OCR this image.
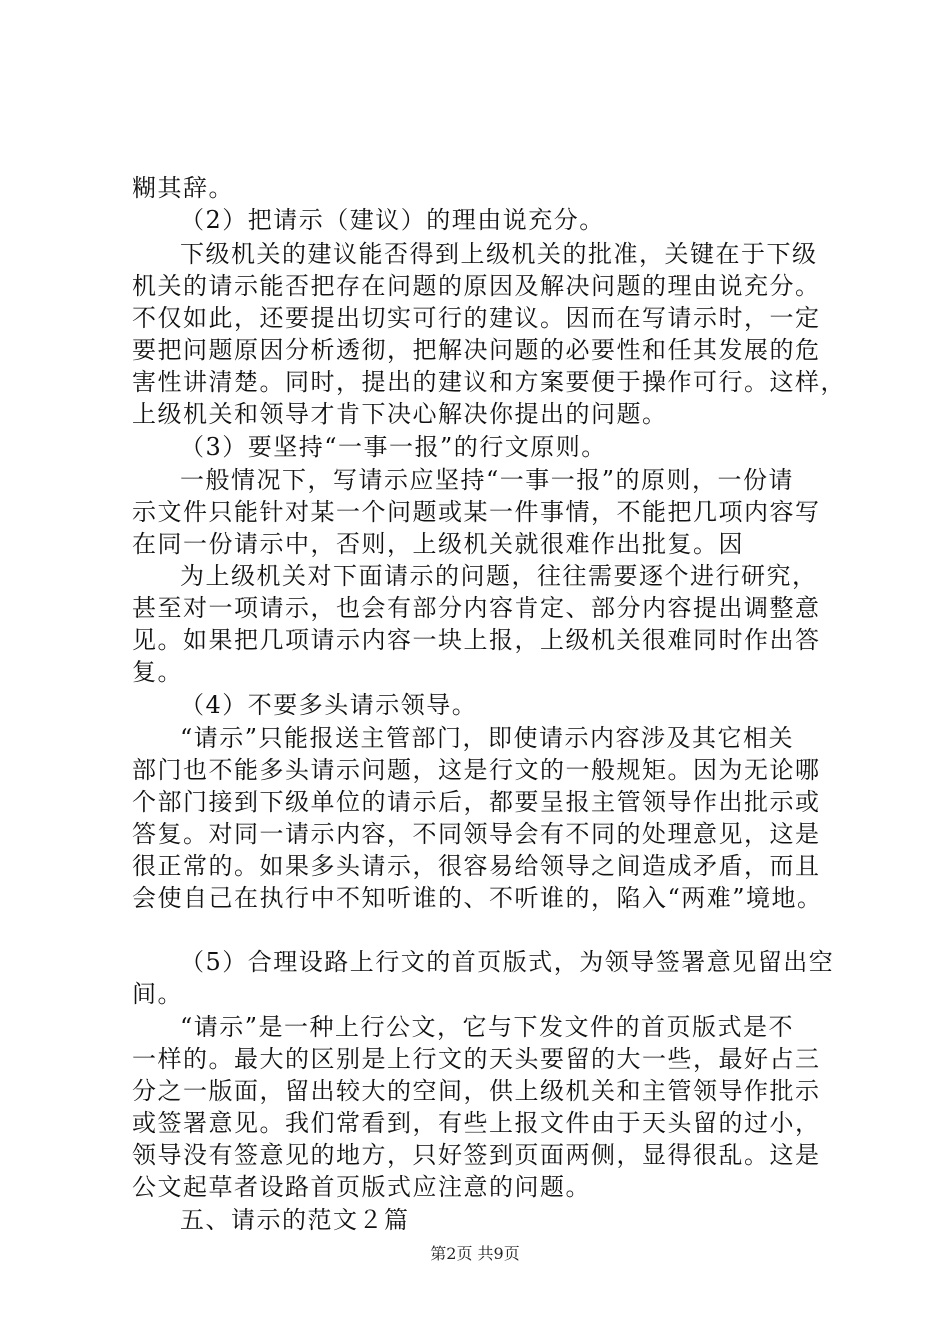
糊其辞。
（2）把请示（建议）的理由说充分。
下级机关的建议能否得到上级机关的批准，关键在于下级
机关的请示能否把存在问题的原因及解决问题的理由说充分。
不仅如此，还要提出切实可行的建议。因而在写请示时，一定
要把问题原因分析透彻，把解决问题的必要性和任其发展的危
害性讲清楚。同时，提出的建议和方案要便于操作可行。这样，
上级机关和领导才肯下决心解决你提出的问题。
（3）要坚持“一事一报”的行文原则。
一般情况下，写请示应坚持“一事一报”的原则，一份请
示文件只能针对某一个问题或某一件事情，不能把几项内容写
在同一份请示中，否则，上级机关就很难作出批复。因
为上级机关对下面请示的问题，往往需要逐个进行研究，
甚至对一项请示，也会有部分内容肯定、部分内容提出调整意
见。如果把几项请示内容一块上报，上级机关很难同时作出答
复。
（4）不要多头请示领导。
“请示”只能报送主管部门，即使请示内容涉及其它相关
部门也不能多头请示问题，这是行文的一般规矩。因为无论哪
个部门接到下级单位的请示后，都要呈报主管领导作出批示或
答复。对同一请示内容，不同领导会有不同的处理意见，这是
很正常的。如果多头请示，很容易给领导之间造成矛盾，而且
会使自己在执行中不知听谁的、不听谁的，陷入“两难”境地。
（5）合理设路上行文的首页版式，为领导签署意见留出空
间。
“请示”是一种上行公文，它与下发文件的首页版式是不
一样的。最大的区别是上行文的天头要留的大一些，最好占三
分之一版面，留出较大的空间，供上级机关和主管领导作批示
或签署意见。我们常看到，有些上报文件由于天头留的过小，
领导没有签意见的地方，只好签到页面两侧，显得很乱。这是
公文起草者设路首页版式应注意的问题。
五、请示的范文２篇
第2页 共9页
